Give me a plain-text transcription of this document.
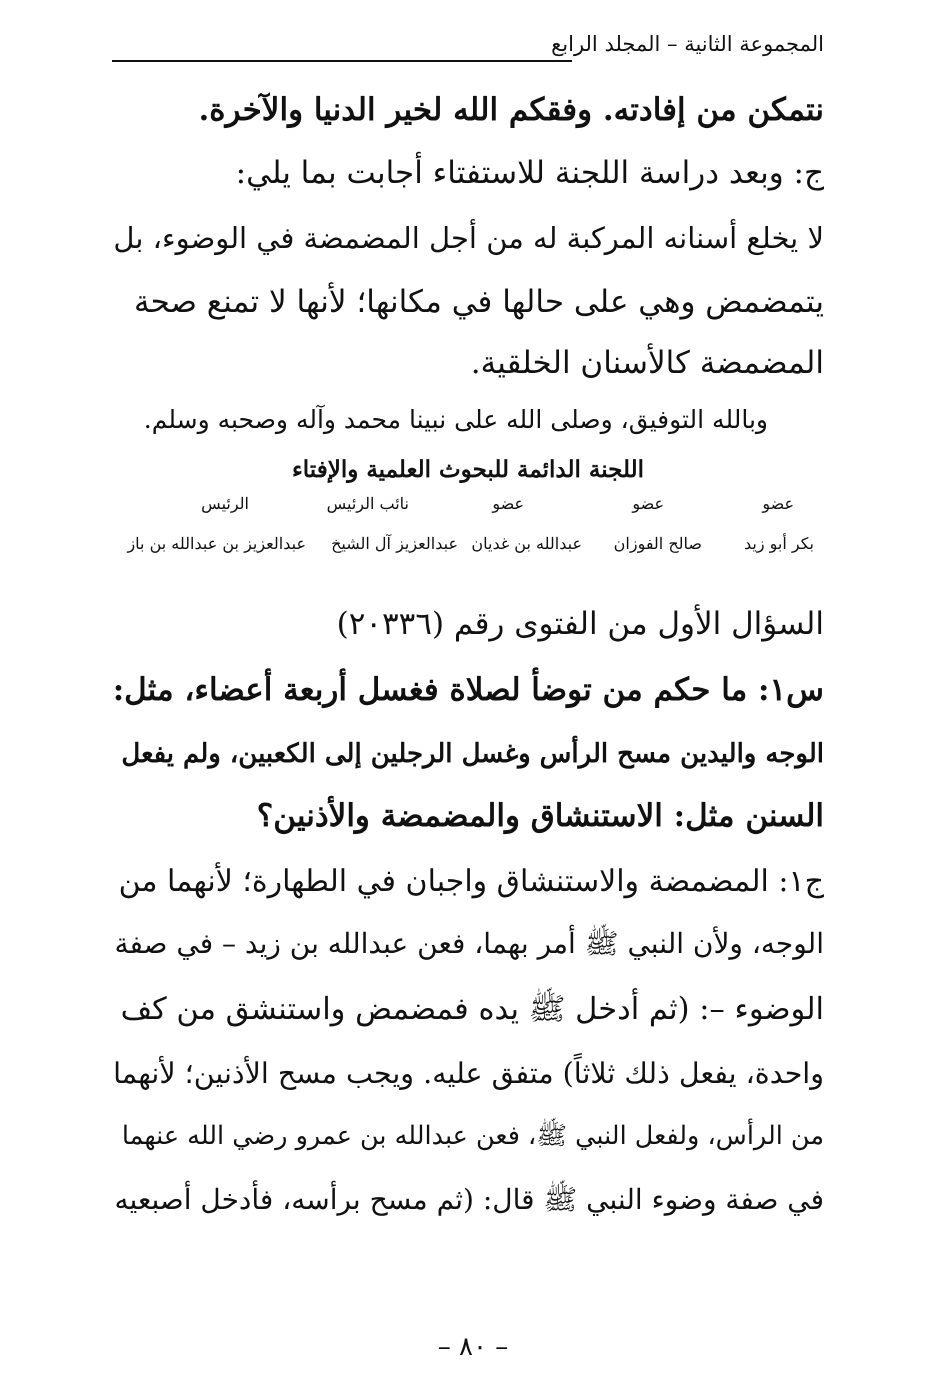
المجموعة الثانية – المجلد الرابع
نتمكن من إفادته. وفقكم الله لخير الدنيا والآخرة.
ج: وبعد دراسة اللجنة للاستفتاء أجابت بما يلي:
لا يخلع أسنانه المركبة له من أجل المضمضة في الوضوء، بل
يتمضمض وهي على حالها في مكانها؛ لأنها لا تمنع صحة
المضمضة كالأسنان الخلقية.
وبالله التوفيق، وصلى الله على نبينا محمد وآله وصحبه وسلم.
اللجنة الدائمة للبحوث العلمية والإفتاء
عضو
عضو
عضو
نائب الرئيس
الرئيس
بكر أبو زيد
صالح الفوزان
عبدالله بن غديان
عبدالعزيز آل الشيخ
عبدالعزيز بن عبدالله بن باز
السؤال الأول من الفتوى رقم (٢٠٣٣٦)
س١: ما حكم من توضأ لصلاة فغسل أربعة أعضاء، مثل:
الوجه واليدين مسح الرأس وغسل الرجلين إلى الكعبين، ولم يفعل
السنن مثل: الاستنشاق والمضمضة والأذنين؟
ج١: المضمضة والاستنشاق واجبان في الطهارة؛ لأنهما من
الوجه، ولأن النبي ﷺ أمر بهما، فعن عبدالله بن زيد – في صفة
الوضوء –: (ثم أدخل ﷺ يده فمضمض واستنشق من كف
واحدة، يفعل ذلك ثلاثاً) متفق عليه. ويجب مسح الأذنين؛ لأنهما
من الرأس، ولفعل النبي ﷺ، فعن عبدالله بن عمرو رضي الله عنهما
في صفة وضوء النبي ﷺ قال: (ثم مسح برأسه، فأدخل أصبعيه
– ٨٠ –
